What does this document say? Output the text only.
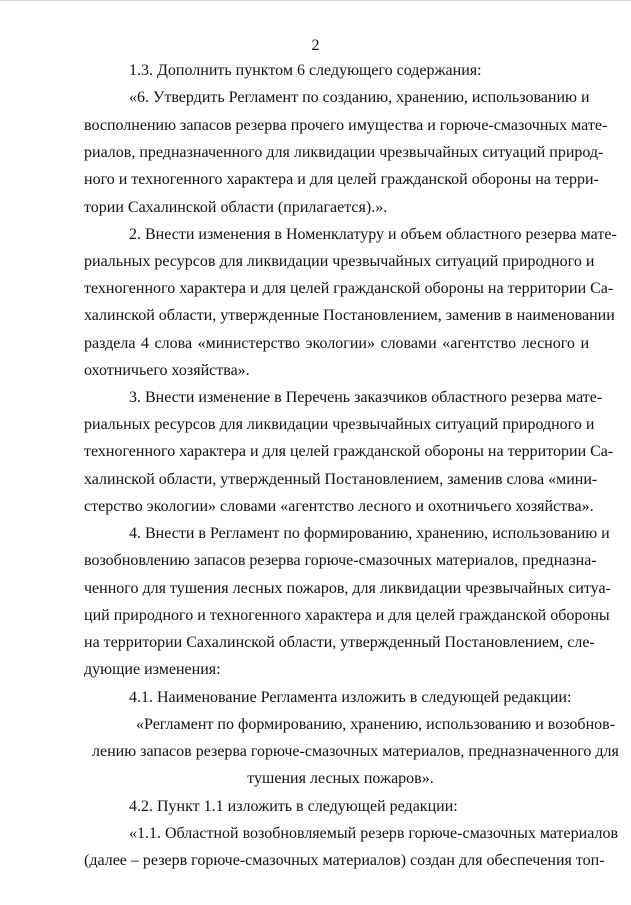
2
1.3. Дополнить пунктом 6 следующего содержания:
«6. Утвердить Регламент по созданию, хранению, использованию и
восполнению запасов резерва прочего имущества и горюче-смазочных мате-
риалов, предназначенного для ликвидации чрезвычайных ситуаций природ-
ного и техногенного характера и для целей гражданской обороны на терри-
тории Сахалинской области (прилагается).».
2. Внести изменения в Номенклатуру и объем областного резерва мате-
риальных ресурсов для ликвидации чрезвычайных ситуаций природного и
техногенного характера и для целей гражданской обороны на территории Са-
халинской области, утвержденные Постановлением, заменив в наименовании
раздела 4 слова «министерство экологии» словами «агентство лесного и
охотничьего хозяйства».
3. Внести изменение в Перечень заказчиков областного резерва мате-
риальных ресурсов для ликвидации чрезвычайных ситуаций природного и
техногенного характера и для целей гражданской обороны на территории Са-
халинской области, утвержденный Постановлением, заменив слова «мини-
стерство экологии» словами «агентство лесного и охотничьего хозяйства».
4. Внести в Регламент по формированию, хранению, использованию и
возобновлению запасов резерва горюче-смазочных материалов, предназна-
ченного для тушения лесных пожаров, для ликвидации чрезвычайных ситуа-
ций природного и техногенного характера и для целей гражданской обороны
на территории Сахалинской области, утвержденный Постановлением, сле-
дующие изменения:
4.1. Наименование Регламента изложить в следующей редакции:
«Регламент по формированию, хранению, использованию и возобнов-
лению запасов резерва горюче-смазочных материалов, предназначенного для
тушения лесных пожаров».
4.2. Пункт 1.1 изложить в следующей редакции:
«1.1. Областной возобновляемый резерв горюче-смазочных материалов
(далее – резерв горюче-смазочных материалов) создан для обеспечения топ-
